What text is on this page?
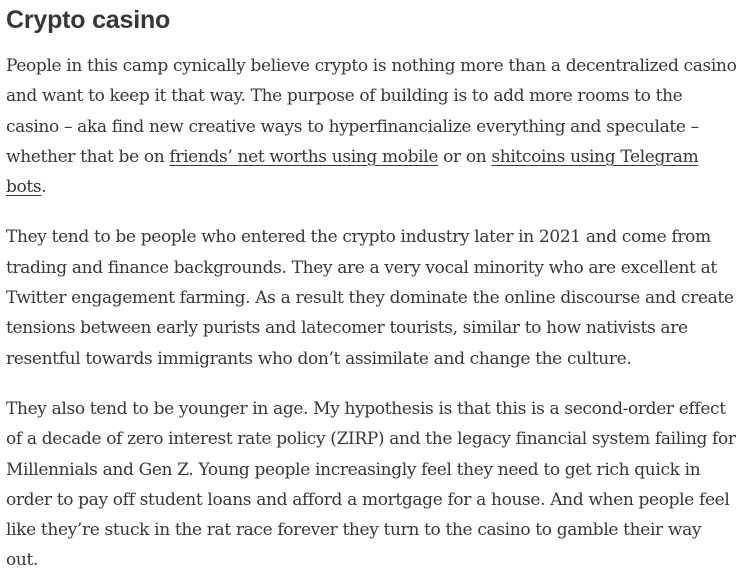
Crypto casino

People in this camp cynically believe crypto is nothing more than a decentralized casino and want to keep it that way. The purpose of building is to add more rooms to the casino – aka find new creative ways to hyperfinancialize everything and speculate – whether that be on friends’ net worths using mobile or on shitcoins using Telegram bots.

They tend to be people who entered the crypto industry later in 2021 and come from trading and finance backgrounds. They are a very vocal minority who are excellent at Twitter engagement farming. As a result they dominate the online discourse and create tensions between early purists and latecomer tourists, similar to how nativists are resentful towards immigrants who don’t assimilate and change the culture.

They also tend to be younger in age. My hypothesis is that this is a second-order effect of a decade of zero interest rate policy (ZIRP) and the legacy financial system failing for Millennials and Gen Z. Young people increasingly feel they need to get rich quick in order to pay off student loans and afford a mortgage for a house. And when people feel like they’re stuck in the rat race forever they turn to the casino to gamble their way out.
